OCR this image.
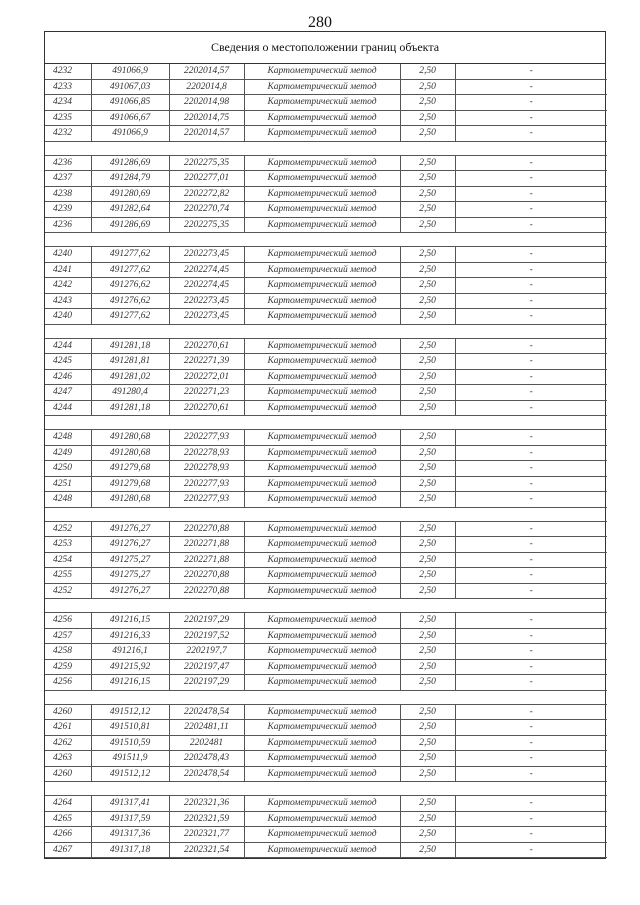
280
Сведения о местоположении границ объекта
4232	491066,9	2202014,57	Картометрический метод	2,50	-
4233	491067,03	2202014,8	Картометрический метод	2,50	-
4234	491066,85	2202014,98	Картометрический метод	2,50	-
4235	491066,67	2202014,75	Картометрический метод	2,50	-
4232	491066,9	2202014,57	Картометрический метод	2,50	-

4236	491286,69	2202275,35	Картометрический метод	2,50	-
4237	491284,79	2202277,01	Картометрический метод	2,50	-
4238	491280,69	2202272,82	Картометрический метод	2,50	-
4239	491282,64	2202270,74	Картометрический метод	2,50	-
4236	491286,69	2202275,35	Картометрический метод	2,50	-

4240	491277,62	2202273,45	Картометрический метод	2,50	-
4241	491277,62	2202274,45	Картометрический метод	2,50	-
4242	491276,62	2202274,45	Картометрический метод	2,50	-
4243	491276,62	2202273,45	Картометрический метод	2,50	-
4240	491277,62	2202273,45	Картометрический метод	2,50	-

4244	491281,18	2202270,61	Картометрический метод	2,50	-
4245	491281,81	2202271,39	Картометрический метод	2,50	-
4246	491281,02	2202272,01	Картометрический метод	2,50	-
4247	491280,4	2202271,23	Картометрический метод	2,50	-
4244	491281,18	2202270,61	Картометрический метод	2,50	-

4248	491280,68	2202277,93	Картометрический метод	2,50	-
4249	491280,68	2202278,93	Картометрический метод	2,50	-
4250	491279,68	2202278,93	Картометрический метод	2,50	-
4251	491279,68	2202277,93	Картометрический метод	2,50	-
4248	491280,68	2202277,93	Картометрический метод	2,50	-

4252	491276,27	2202270,88	Картометрический метод	2,50	-
4253	491276,27	2202271,88	Картометрический метод	2,50	-
4254	491275,27	2202271,88	Картометрический метод	2,50	-
4255	491275,27	2202270,88	Картометрический метод	2,50	-
4252	491276,27	2202270,88	Картометрический метод	2,50	-

4256	491216,15	2202197,29	Картометрический метод	2,50	-
4257	491216,33	2202197,52	Картометрический метод	2,50	-
4258	491216,1	2202197,7	Картометрический метод	2,50	-
4259	491215,92	2202197,47	Картометрический метод	2,50	-
4256	491216,15	2202197,29	Картометрический метод	2,50	-

4260	491512,12	2202478,54	Картометрический метод	2,50	-
4261	491510,81	2202481,11	Картометрический метод	2,50	-
4262	491510,59	2202481	Картометрический метод	2,50	-
4263	491511,9	2202478,43	Картометрический метод	2,50	-
4260	491512,12	2202478,54	Картометрический метод	2,50	-

4264	491317,41	2202321,36	Картометрический метод	2,50	-
4265	491317,59	2202321,59	Картометрический метод	2,50	-
4266	491317,36	2202321,77	Картометрический метод	2,50	-
4267	491317,18	2202321,54	Картометрический метод	2,50	-
